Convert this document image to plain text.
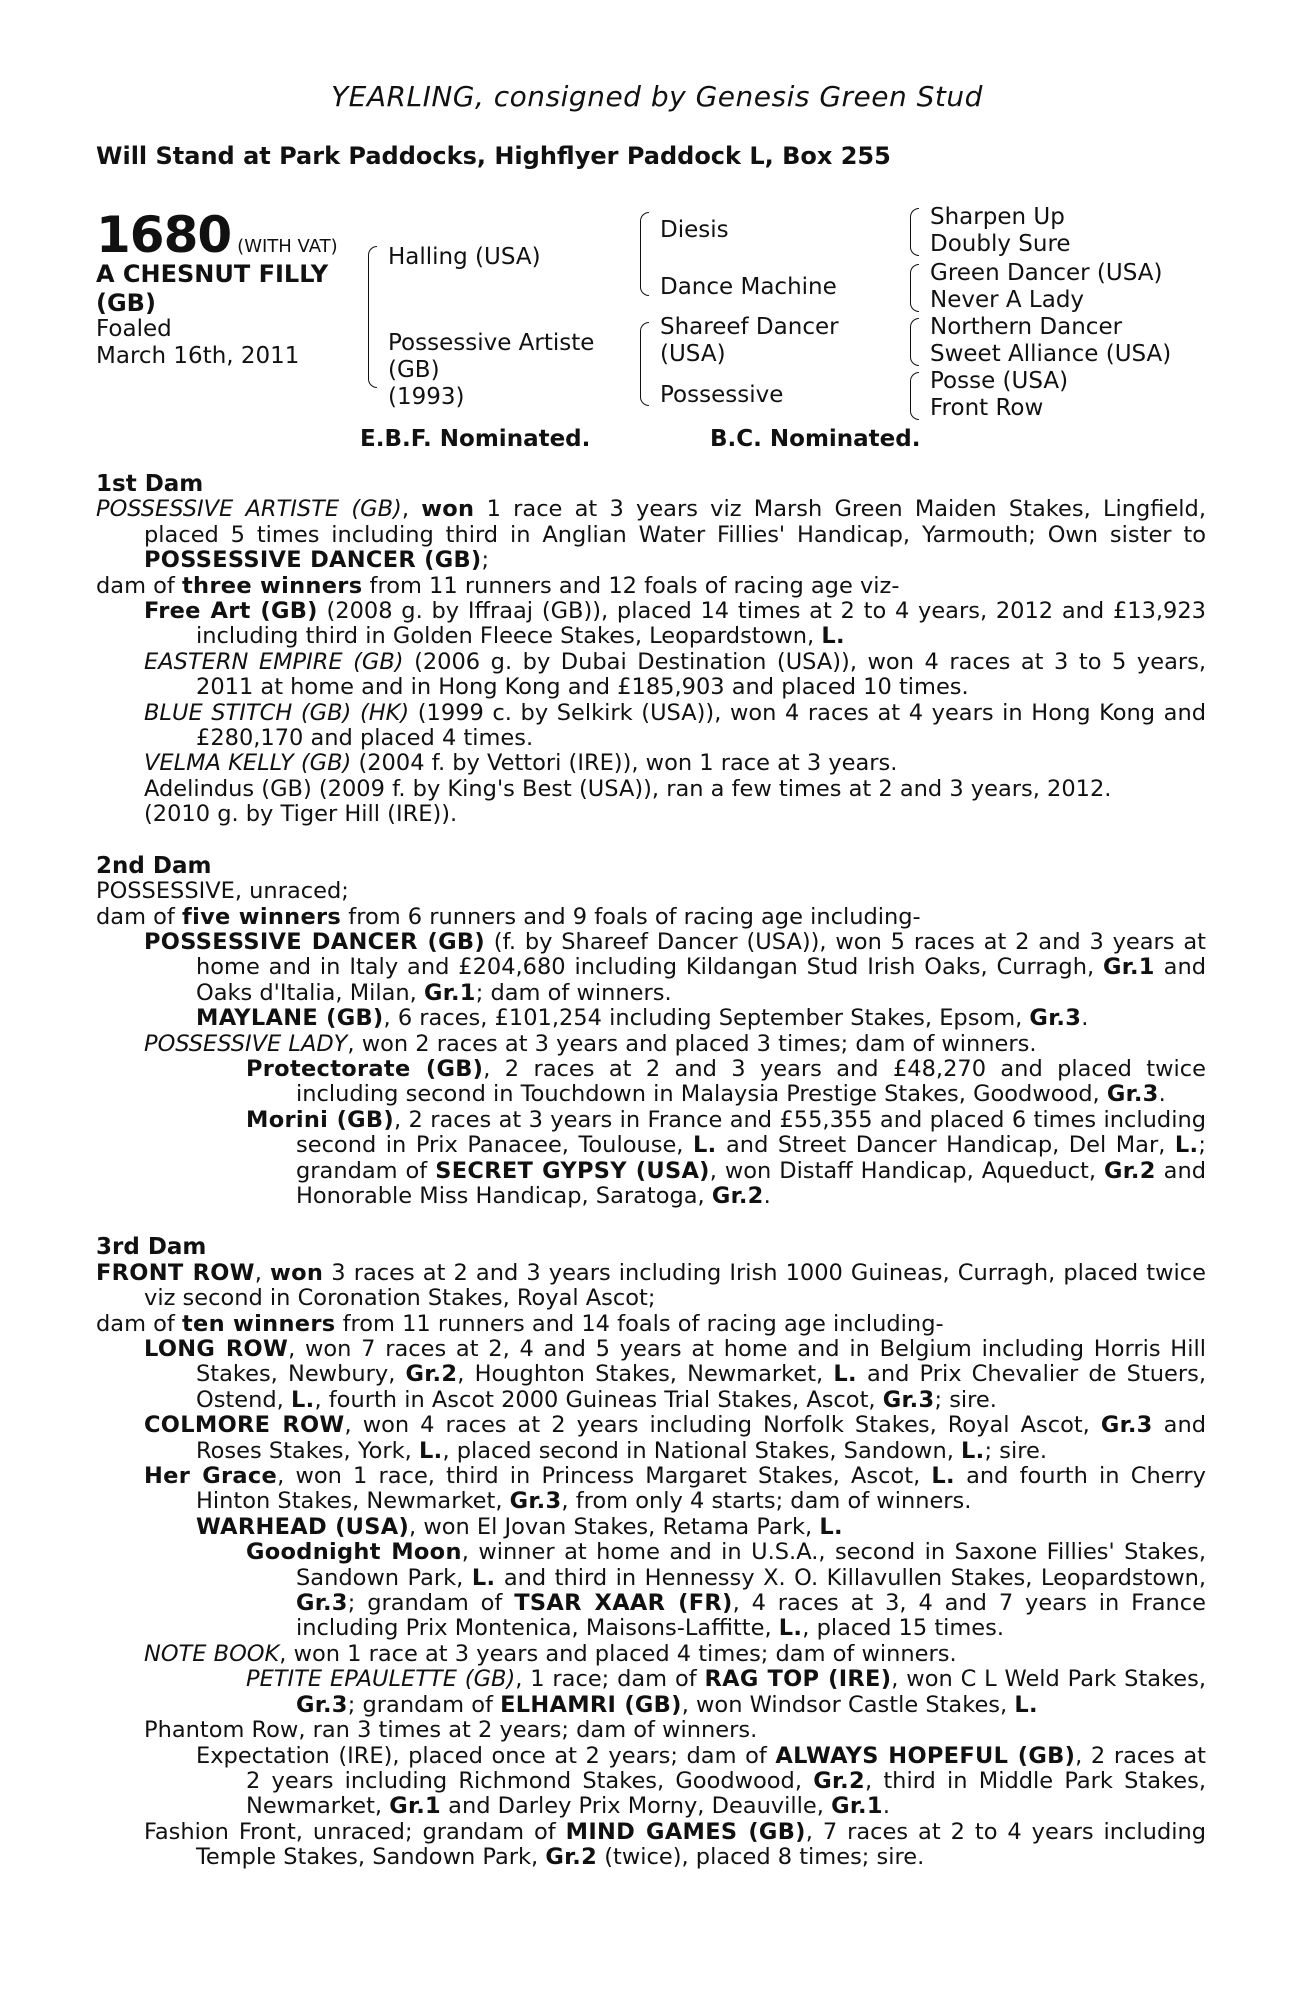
YEARLING, consigned by Genesis Green Stud
Will Stand at Park Paddocks, Highflyer Paddock L, Box 255
1680 (WITH VAT)
A CHESNUT FILLY
(GB)
Foaled
March 16th, 2011
Halling (USA)
Possessive Artiste
(GB)
(1993)
Diesis
Dance Machine
Shareef Dancer
(USA)
Possessive
Sharpen Up
Doubly Sure
Green Dancer (USA)
Never A Lady
Northern Dancer
Sweet Alliance (USA)
Posse (USA)
Front Row
E.B.F. Nominated.	B.C. Nominated.
1st Dam
POSSESSIVE ARTISTE (GB), won 1 race at 3 years viz Marsh Green Maiden Stakes, Lingfield, placed 5 times including third in Anglian Water Fillies' Handicap, Yarmouth; Own sister to POSSESSIVE DANCER (GB);
dam of three winners from 11 runners and 12 foals of racing age viz-
Free Art (GB) (2008 g. by Iffraaj (GB)), placed 14 times at 2 to 4 years, 2012 and £13,923 including third in Golden Fleece Stakes, Leopardstown, L.
EASTERN EMPIRE (GB) (2006 g. by Dubai Destination (USA)), won 4 races at 3 to 5 years, 2011 at home and in Hong Kong and £185,903 and placed 10 times.
BLUE STITCH (GB) (HK) (1999 c. by Selkirk (USA)), won 4 races at 4 years in Hong Kong and £280,170 and placed 4 times.
VELMA KELLY (GB) (2004 f. by Vettori (IRE)), won 1 race at 3 years.
Adelindus (GB) (2009 f. by King's Best (USA)), ran a few times at 2 and 3 years, 2012.
(2010 g. by Tiger Hill (IRE)).
2nd Dam
POSSESSIVE, unraced;
dam of five winners from 6 runners and 9 foals of racing age including-
POSSESSIVE DANCER (GB) (f. by Shareef Dancer (USA)), won 5 races at 2 and 3 years at home and in Italy and £204,680 including Kildangan Stud Irish Oaks, Curragh, Gr.1 and Oaks d'Italia, Milan, Gr.1; dam of winners.
MAYLANE (GB), 6 races, £101,254 including September Stakes, Epsom, Gr.3.
POSSESSIVE LADY, won 2 races at 3 years and placed 3 times; dam of winners.
Protectorate (GB), 2 races at 2 and 3 years and £48,270 and placed twice including second in Touchdown in Malaysia Prestige Stakes, Goodwood, Gr.3.
Morini (GB), 2 races at 3 years in France and £55,355 and placed 6 times including second in Prix Panacee, Toulouse, L. and Street Dancer Handicap, Del Mar, L.; grandam of SECRET GYPSY (USA), won Distaff Handicap, Aqueduct, Gr.2 and Honorable Miss Handicap, Saratoga, Gr.2.
3rd Dam
FRONT ROW, won 3 races at 2 and 3 years including Irish 1000 Guineas, Curragh, placed twice viz second in Coronation Stakes, Royal Ascot;
dam of ten winners from 11 runners and 14 foals of racing age including-
LONG ROW, won 7 races at 2, 4 and 5 years at home and in Belgium including Horris Hill Stakes, Newbury, Gr.2, Houghton Stakes, Newmarket, L. and Prix Chevalier de Stuers, Ostend, L., fourth in Ascot 2000 Guineas Trial Stakes, Ascot, Gr.3; sire.
COLMORE ROW, won 4 races at 2 years including Norfolk Stakes, Royal Ascot, Gr.3 and Roses Stakes, York, L., placed second in National Stakes, Sandown, L.; sire.
Her Grace, won 1 race, third in Princess Margaret Stakes, Ascot, L. and fourth in Cherry Hinton Stakes, Newmarket, Gr.3, from only 4 starts; dam of winners.
WARHEAD (USA), won El Jovan Stakes, Retama Park, L.
Goodnight Moon, winner at home and in U.S.A., second in Saxone Fillies' Stakes, Sandown Park, L. and third in Hennessy X. O. Killavullen Stakes, Leopardstown, Gr.3; grandam of TSAR XAAR (FR), 4 races at 3, 4 and 7 years in France including Prix Montenica, Maisons-Laffitte, L., placed 15 times.
NOTE BOOK, won 1 race at 3 years and placed 4 times; dam of winners.
PETITE EPAULETTE (GB), 1 race; dam of RAG TOP (IRE), won C L Weld Park Stakes, Gr.3; grandam of ELHAMRI (GB), won Windsor Castle Stakes, L.
Phantom Row, ran 3 times at 2 years; dam of winners.
Expectation (IRE), placed once at 2 years; dam of ALWAYS HOPEFUL (GB), 2 races at 2 years including Richmond Stakes, Goodwood, Gr.2, third in Middle Park Stakes, Newmarket, Gr.1 and Darley Prix Morny, Deauville, Gr.1.
Fashion Front, unraced; grandam of MIND GAMES (GB), 7 races at 2 to 4 years including Temple Stakes, Sandown Park, Gr.2 (twice), placed 8 times; sire.
